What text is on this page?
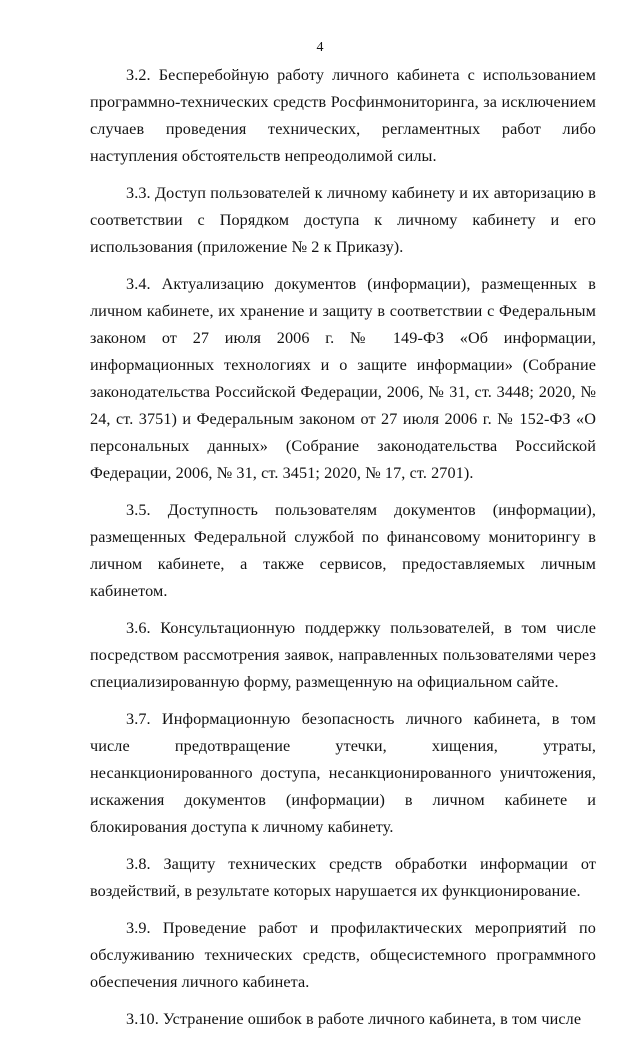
4

3.2. Бесперебойную работу личного кабинета с использованием программно-технических средств Росфинмониторинга, за исключением случаев проведения технических, регламентных работ либо наступления обстоятельств непреодолимой силы.

3.3. Доступ пользователей к личному кабинету и их авторизацию в соответствии с Порядком доступа к личному кабинету и его использования (приложение № 2 к Приказу).

3.4. Актуализацию документов (информации), размещенных в личном кабинете, их хранение и защиту в соответствии с Федеральным законом от 27 июля 2006 г. № 149-ФЗ «Об информации, информационных технологиях и о защите информации» (Собрание законодательства Российской Федерации, 2006, № 31, ст. 3448; 2020, № 24, ст. 3751) и Федеральным законом от 27 июля 2006 г. № 152-ФЗ «О персональных данных» (Собрание законодательства Российской Федерации, 2006, № 31, ст. 3451; 2020, № 17, ст. 2701).

3.5. Доступность пользователям документов (информации), размещенных Федеральной службой по финансовому мониторингу в личном кабинете, а также сервисов, предоставляемых личным кабинетом.

3.6. Консультационную поддержку пользователей, в том числе посредством рассмотрения заявок, направленных пользователями через специализированную форму, размещенную на официальном сайте.

3.7. Информационную безопасность личного кабинета, в том числе предотвращение утечки, хищения, утраты, несанкционированного доступа, несанкционированного уничтожения, искажения документов (информации) в личном кабинете и блокирования доступа к личному кабинету.

3.8. Защиту технических средств обработки информации от воздействий, в результате которых нарушается их функционирование.

3.9. Проведение работ и профилактических мероприятий по обслуживанию технических средств, общесистемного программного обеспечения личного кабинета.

3.10. Устранение ошибок в работе личного кабинета, в том числе
